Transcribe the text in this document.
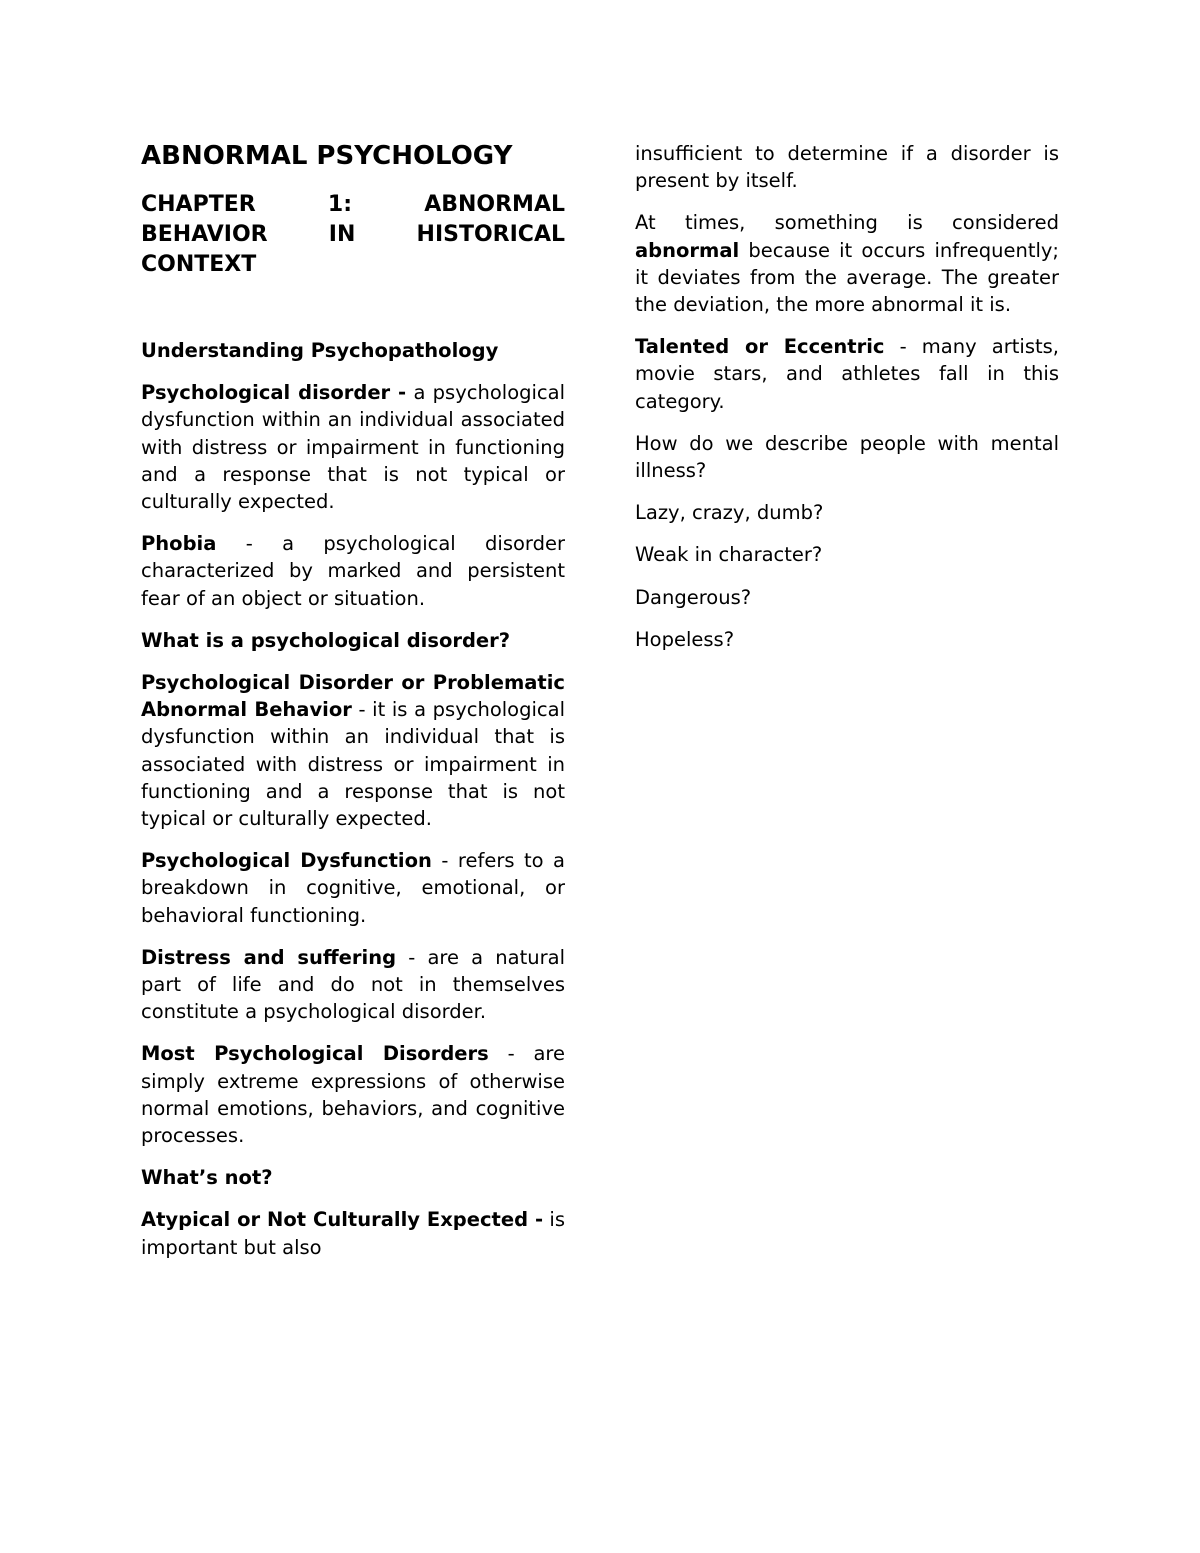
ABNORMAL PSYCHOLOGY

CHAPTER 1: ABNORMAL BEHAVIOR IN HISTORICAL CONTEXT

Understanding Psychopathology

Psychological disorder - a psychological dysfunction within an individual associated with distress or impairment in functioning and a response that is not typical or culturally expected.

Phobia - a psychological disorder characterized by marked and persistent fear of an object or situation.

What is a psychological disorder?

Psychological Disorder or Problematic Abnormal Behavior - it is a psychological dysfunction within an individual that is associated with distress or impairment in functioning and a response that is not typical or culturally expected.

Psychological Dysfunction - refers to a breakdown in cognitive, emotional, or behavioral functioning.

Distress and suffering - are a natural part of life and do not in themselves constitute a psychological disorder.

Most Psychological Disorders - are simply extreme expressions of otherwise normal emotions, behaviors, and cognitive processes.

What’s not?

Atypical or Not Culturally Expected - is important but also

insufficient to determine if a disorder is present by itself.

At times, something is considered abnormal because it occurs infrequently; it deviates from the average. The greater the deviation, the more abnormal it is.

Talented or Eccentric - many artists, movie stars, and athletes fall in this category.

How do we describe people with mental illness?

Lazy, crazy, dumb?

Weak in character?

Dangerous?

Hopeless?
